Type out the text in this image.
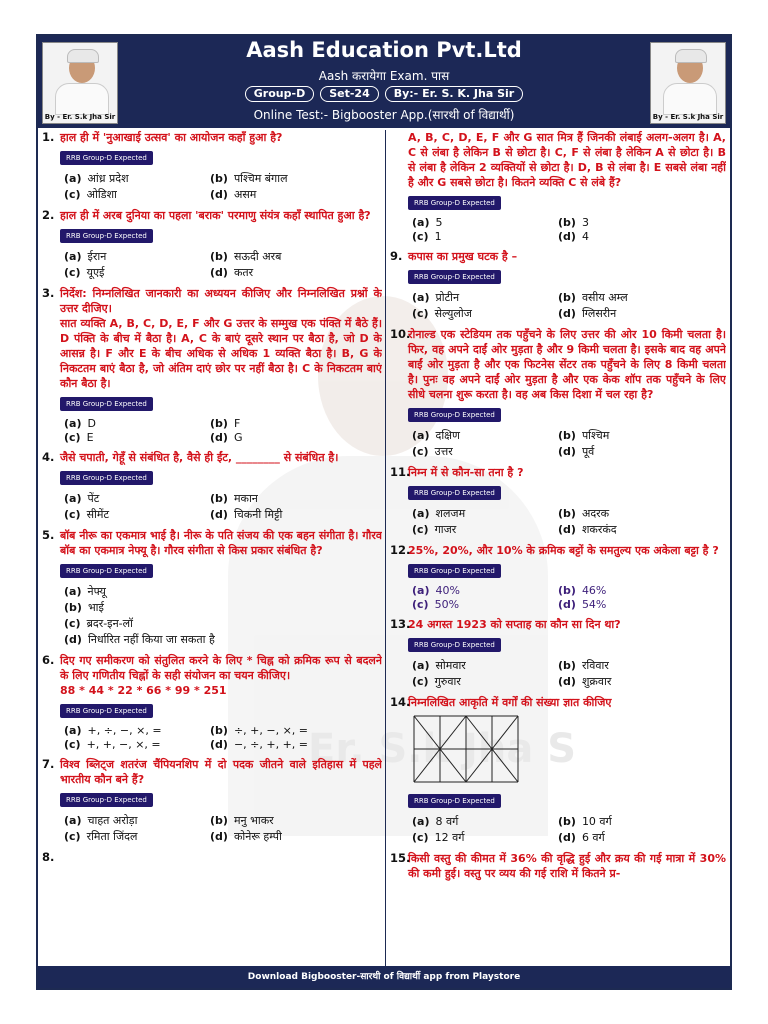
By - Er. S.k Jha Sir
Aash Education Pvt.Ltd
Aash करायेगा Exam. पास
Group-D	Set-24	By:- Er. S. K. Jha Sir
Online Test:- Bigbooster App.(सारथी of विद्यार्थी)	By - Er. S.k Jha Sir
Er. S.k Jha S
1. हाल ही में 'नुआखाई उत्सव' का आयोजन कहाँ हुआ है?
RRB Group-D Expected
(a) आंध्र प्रदेश	(b) पश्चिम बंगाल
(c) ओडिशा	(d) असम
2. हाल ही में अरब दुनिया का पहला 'बराक' परमाणु संयंत्र कहाँ स्थापित हुआ है?
RRB Group-D Expected
(a) ईरान	(b) सऊदी अरब
(c) यूएई	(d) कतर
3. निर्देश: निम्नलिखित जानकारी का अध्ययन कीजिए और निम्नलिखित प्रश्नों के उत्तर दीजिए।
सात व्यक्ति A, B, C, D, E, F और G उत्तर के सम्मुख एक पंक्ति में बैठे हैं। D पंक्ति के बीच में बैठा है। A, C के बाएं दूसरे स्थान पर बैठा है, जो D के आसन्न है। F और E के बीच अधिक से अधिक 1 व्यक्ति बैठा है। B, G के निकटतम बाएं बैठा है, जो अंतिम दाएं छोर पर नहीं बैठा है। C के निकटतम बाएं कौन बैठा है।
RRB Group-D Expected
(a) D	(b) F
(c) E	(d) G
4. जैसे चपाती, गेहूँ से संबंधित है, वैसे ही ईंट, ________ से संबंधित है।
RRB Group-D Expected
(a) पेंट	(b) मकान
(c) सीमेंट	(d) चिकनी मिट्टी
5. बॉब नीरू का एकमात्र भाई है। नीरू के पति संजय की एक बहन संगीता है। गौरव बॉब का एकमात्र नेफ्यू है। गौरव संगीता से किस प्रकार संबंधित है?
RRB Group-D Expected
(a) नेफ्यू
(b) भाई
(c) ब्रदर-इन-लॉ
(d) निर्धारित नहीं किया जा सकता है
6. दिए गए समीकरण को संतुलित करने के लिए * चिह्न को क्रमिक रूप से बदलने के लिए गणितीय चिह्नों के सही संयोजन का चयन कीजिए।
88 * 44 * 22 * 66 * 99 * 251
RRB Group-D Expected
(a) +, ÷, −, ×, =	(b) ÷, +, −, ×, =
(c) +, +, −, ×, =	(d) −, ÷, +, +, =
7. विश्व ब्लिट्ज शतरंज चैंपियनशिप में दो पदक जीतने वाले इतिहास में पहले भारतीय कौन बने हैं?
RRB Group-D Expected
(a) चाहत अरोड़ा	(b) मनु भाकर
(c) रमिता जिंदल	(d) कोनेरू हम्पी
8.
A, B, C, D, E, F और G सात मित्र हैं जिनकी लंबाई अलग-अलग है। A, C से लंबा है लेकिन B से छोटा है। C, F से लंबा है लेकिन A से छोटा है। B से लंबा है लेकिन 2 व्यक्तियों से छोटा है। D, B से लंबा है। E सबसे लंबा नहीं है और G सबसे छोटा है। कितने व्यक्ति C से लंबे हैं?
RRB Group-D Expected
(a) 5	(b) 3
(c) 1	(d) 4
9. कपास का प्रमुख घटक है –
RRB Group-D Expected
(a) प्रोटीन	(b) वसीय अम्ल
(c) सेल्युलोज	(d) ग्लिसरीन
10.
रोनाल्ड एक स्टेडियम तक पहुँचने के लिए उत्तर की ओर 10 किमी चलता है। फिर, वह अपने दाईं ओर मुड़ता है और 9 किमी चलता है। इसके बाद वह अपने बाईं ओर मुड़ता है और एक फिटनेस सेंटर तक पहुँचने के लिए 8 किमी चलता है। पुनः वह अपने दाईं ओर मुड़ता है और एक केक शॉप तक पहुँचने के लिए सीधे चलना शुरू करता है। वह अब किस दिशा में चल रहा है?
RRB Group-D Expected
(a) दक्षिण	(b) पश्चिम
(c) उत्तर	(d) पूर्व
11.
निम्न में से कौन-सा तना है ?
RRB Group-D Expected
(a) शलजम	(b) अदरक
(c) गाजर	(d) शकरकंद
12.
25%, 20%, और 10% के क्रमिक बट्टों के समतुल्य एक अकेला बट्टा है ?
RRB Group-D Expected
(a) 40%	(b) 46%
(c) 50%	(d) 54%
13.
24 अगस्त 1923 को सप्ताह का कौन सा दिन था?
RRB Group-D Expected
(a) सोमवार	(b) रविवार
(c) गुरुवार	(d) शुक्रवार
14.
निम्नलिखित आकृति में वर्गों की संख्या ज्ञात कीजिए
RRB Group-D Expected
(a) 8 वर्ग	(b) 10 वर्ग
(c) 12 वर्ग	(d) 6 वर्ग
15.
किसी वस्तु की कीमत में 36% की वृद्धि हुई और क्रय की गई मात्रा में 30% की कमी हुई। वस्तु पर व्यय की गई राशि में कितने प्र-
Download Bigbooster-सारथी of विद्यार्थी app from Playstore
